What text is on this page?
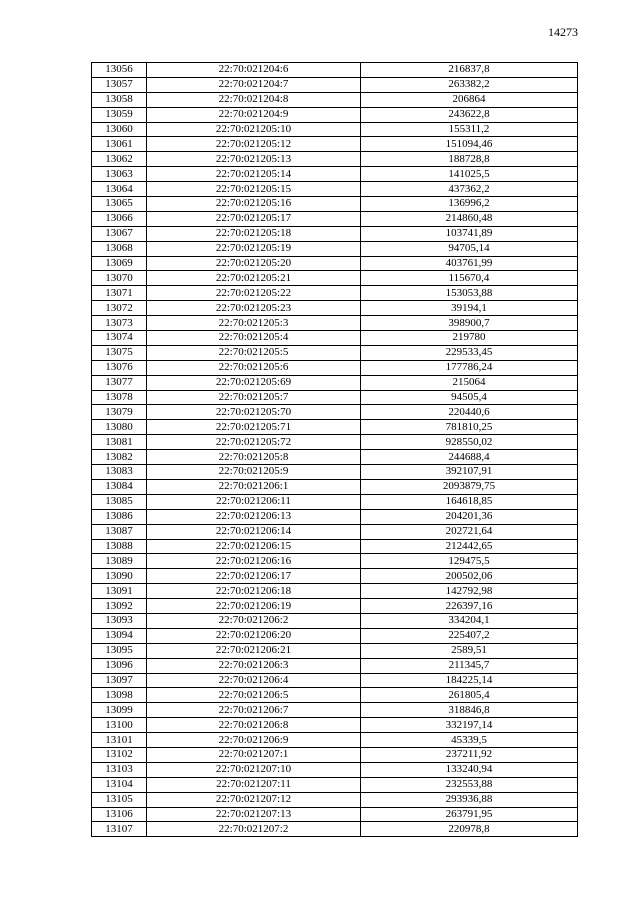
14273
13056	22:70:021204:6	216837,8
13057	22:70:021204:7	263382,2
13058	22:70:021204:8	206864
13059	22:70:021204:9	243622,8
13060	22:70:021205:10	155311,2
13061	22:70:021205:12	151094,46
13062	22:70:021205:13	188728,8
13063	22:70:021205:14	141025,5
13064	22:70:021205:15	437362,2
13065	22:70:021205:16	136996,2
13066	22:70:021205:17	214860,48
13067	22:70:021205:18	103741,89
13068	22:70:021205:19	94705,14
13069	22:70:021205:20	403761,99
13070	22:70:021205:21	115670,4
13071	22:70:021205:22	153053,88
13072	22:70:021205:23	39194,1
13073	22:70:021205:3	398900,7
13074	22:70:021205:4	219780
13075	22:70:021205:5	229533,45
13076	22:70:021205:6	177786,24
13077	22:70:021205:69	215064
13078	22:70:021205:7	94505,4
13079	22:70:021205:70	220440,6
13080	22:70:021205:71	781810,25
13081	22:70:021205:72	928550,02
13082	22:70:021205:8	244688,4
13083	22:70:021205:9	392107,91
13084	22:70:021206:1	2093879,75
13085	22:70:021206:11	164618,85
13086	22:70:021206:13	204201,36
13087	22:70:021206:14	202721,64
13088	22:70:021206:15	212442,65
13089	22:70:021206:16	129475,5
13090	22:70:021206:17	200502,06
13091	22:70:021206:18	142792,98
13092	22:70:021206:19	226397,16
13093	22:70:021206:2	334204,1
13094	22:70:021206:20	225407,2
13095	22:70:021206:21	2589,51
13096	22:70:021206:3	211345,7
13097	22:70:021206:4	184225,14
13098	22:70:021206:5	261805,4
13099	22:70:021206:7	318846,8
13100	22:70:021206:8	332197,14
13101	22:70:021206:9	45339,5
13102	22:70:021207:1	237211,92
13103	22:70:021207:10	133240,94
13104	22:70:021207:11	232553,88
13105	22:70:021207:12	293936,88
13106	22:70:021207:13	263791,95
13107	22:70:021207:2	220978,8
